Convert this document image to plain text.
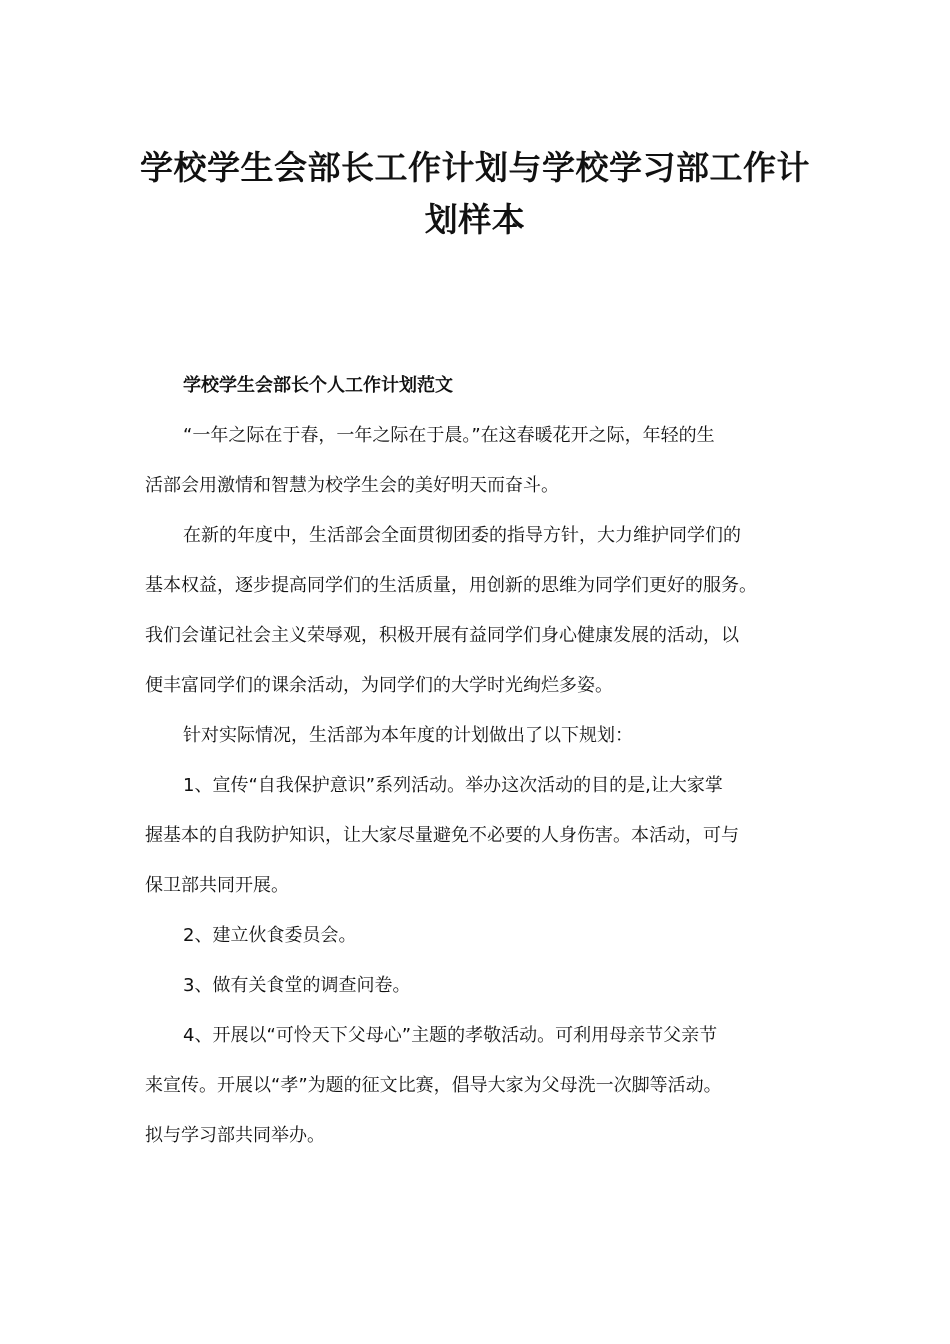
学校学生会部长工作计划与学校学习部工作计划样本

学校学生会部长个人工作计划范文

“一年之际在于春，一年之际在于晨。”在这春暖花开之际，年轻的生

活部会用激情和智慧为校学生会的美好明天而奋斗。

在新的年度中，生活部会全面贯彻团委的指导方针，大力维护同学们的

基本权益，逐步提高同学们的生活质量，用创新的思维为同学们更好的服务。

我们会谨记社会主义荣辱观，积极开展有益同学们身心健康发展的活动，以

便丰富同学们的课余活动，为同学们的大学时光绚烂多姿。

针对实际情况，生活部为本年度的计划做出了以下规划：

1、宣传“自我保护意识”系列活动。举办这次活动的目的是,让大家掌

握基本的自我防护知识，让大家尽量避免不必要的人身伤害。本活动，可与

保卫部共同开展。

2、建立伙食委员会。

3、做有关食堂的调查问卷。

4、开展以“可怜天下父母心”主题的孝敬活动。可利用母亲节父亲节

来宣传。开展以“孝”为题的征文比赛，倡导大家为父母洗一次脚等活动。

拟与学习部共同举办。
